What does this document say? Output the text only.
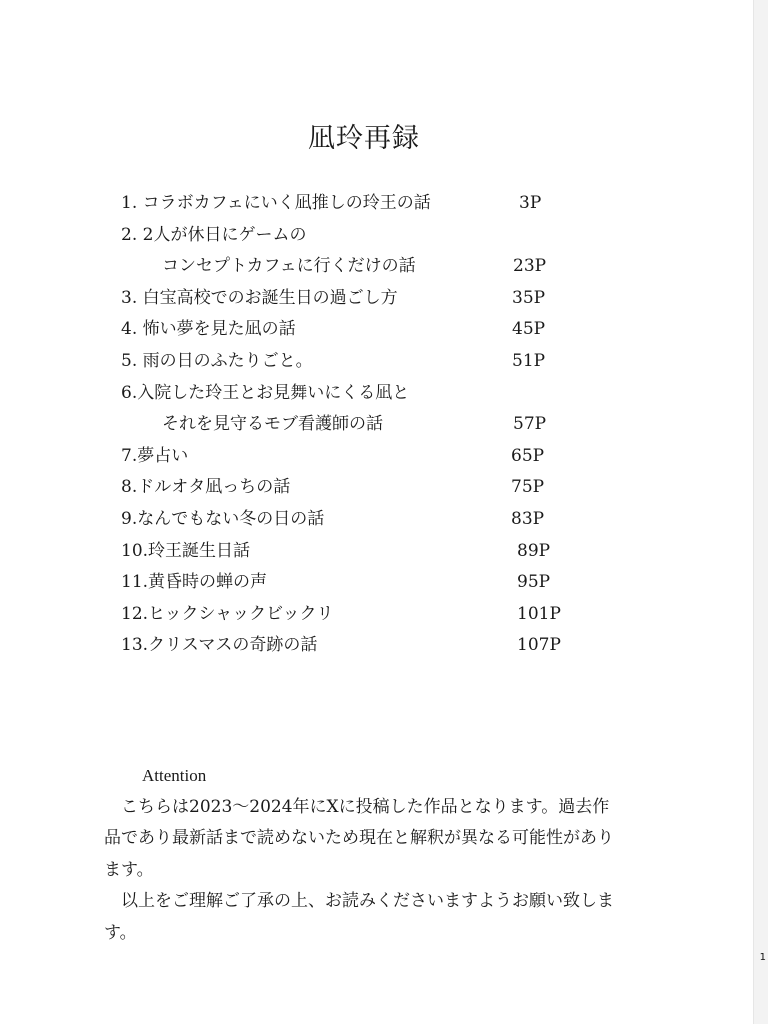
凪玲再録
1. コラボカフェにいく凪推しの玲王の話	3P
2. 2人が休日にゲームの
コンセプトカフェに行くだけの話	23P
3. 白宝高校でのお誕生日の過ごし方	35P
4. 怖い夢を見た凪の話	45P
5. 雨の日のふたりごと。	51P
6.入院した玲王とお見舞いにくる凪と
それを見守るモブ看護師の話	57P
7.夢占い	65P
8.ドルオタ凪っちの話	75P
9.なんでもない冬の日の話	83P
10.玲王誕生日話	89P
11.黄昏時の蝉の声	95P
12.ヒックシャックビックリ	101P
13.クリスマスの奇跡の話	107P

Attention

こちらは2023〜2024年にXに投稿した作品となります。過去作品であり最新話まで読めないため現在と解釈が異なる可能性があります。

以上をご理解ご了承の上、お読みくださいますようお願い致します。

1
